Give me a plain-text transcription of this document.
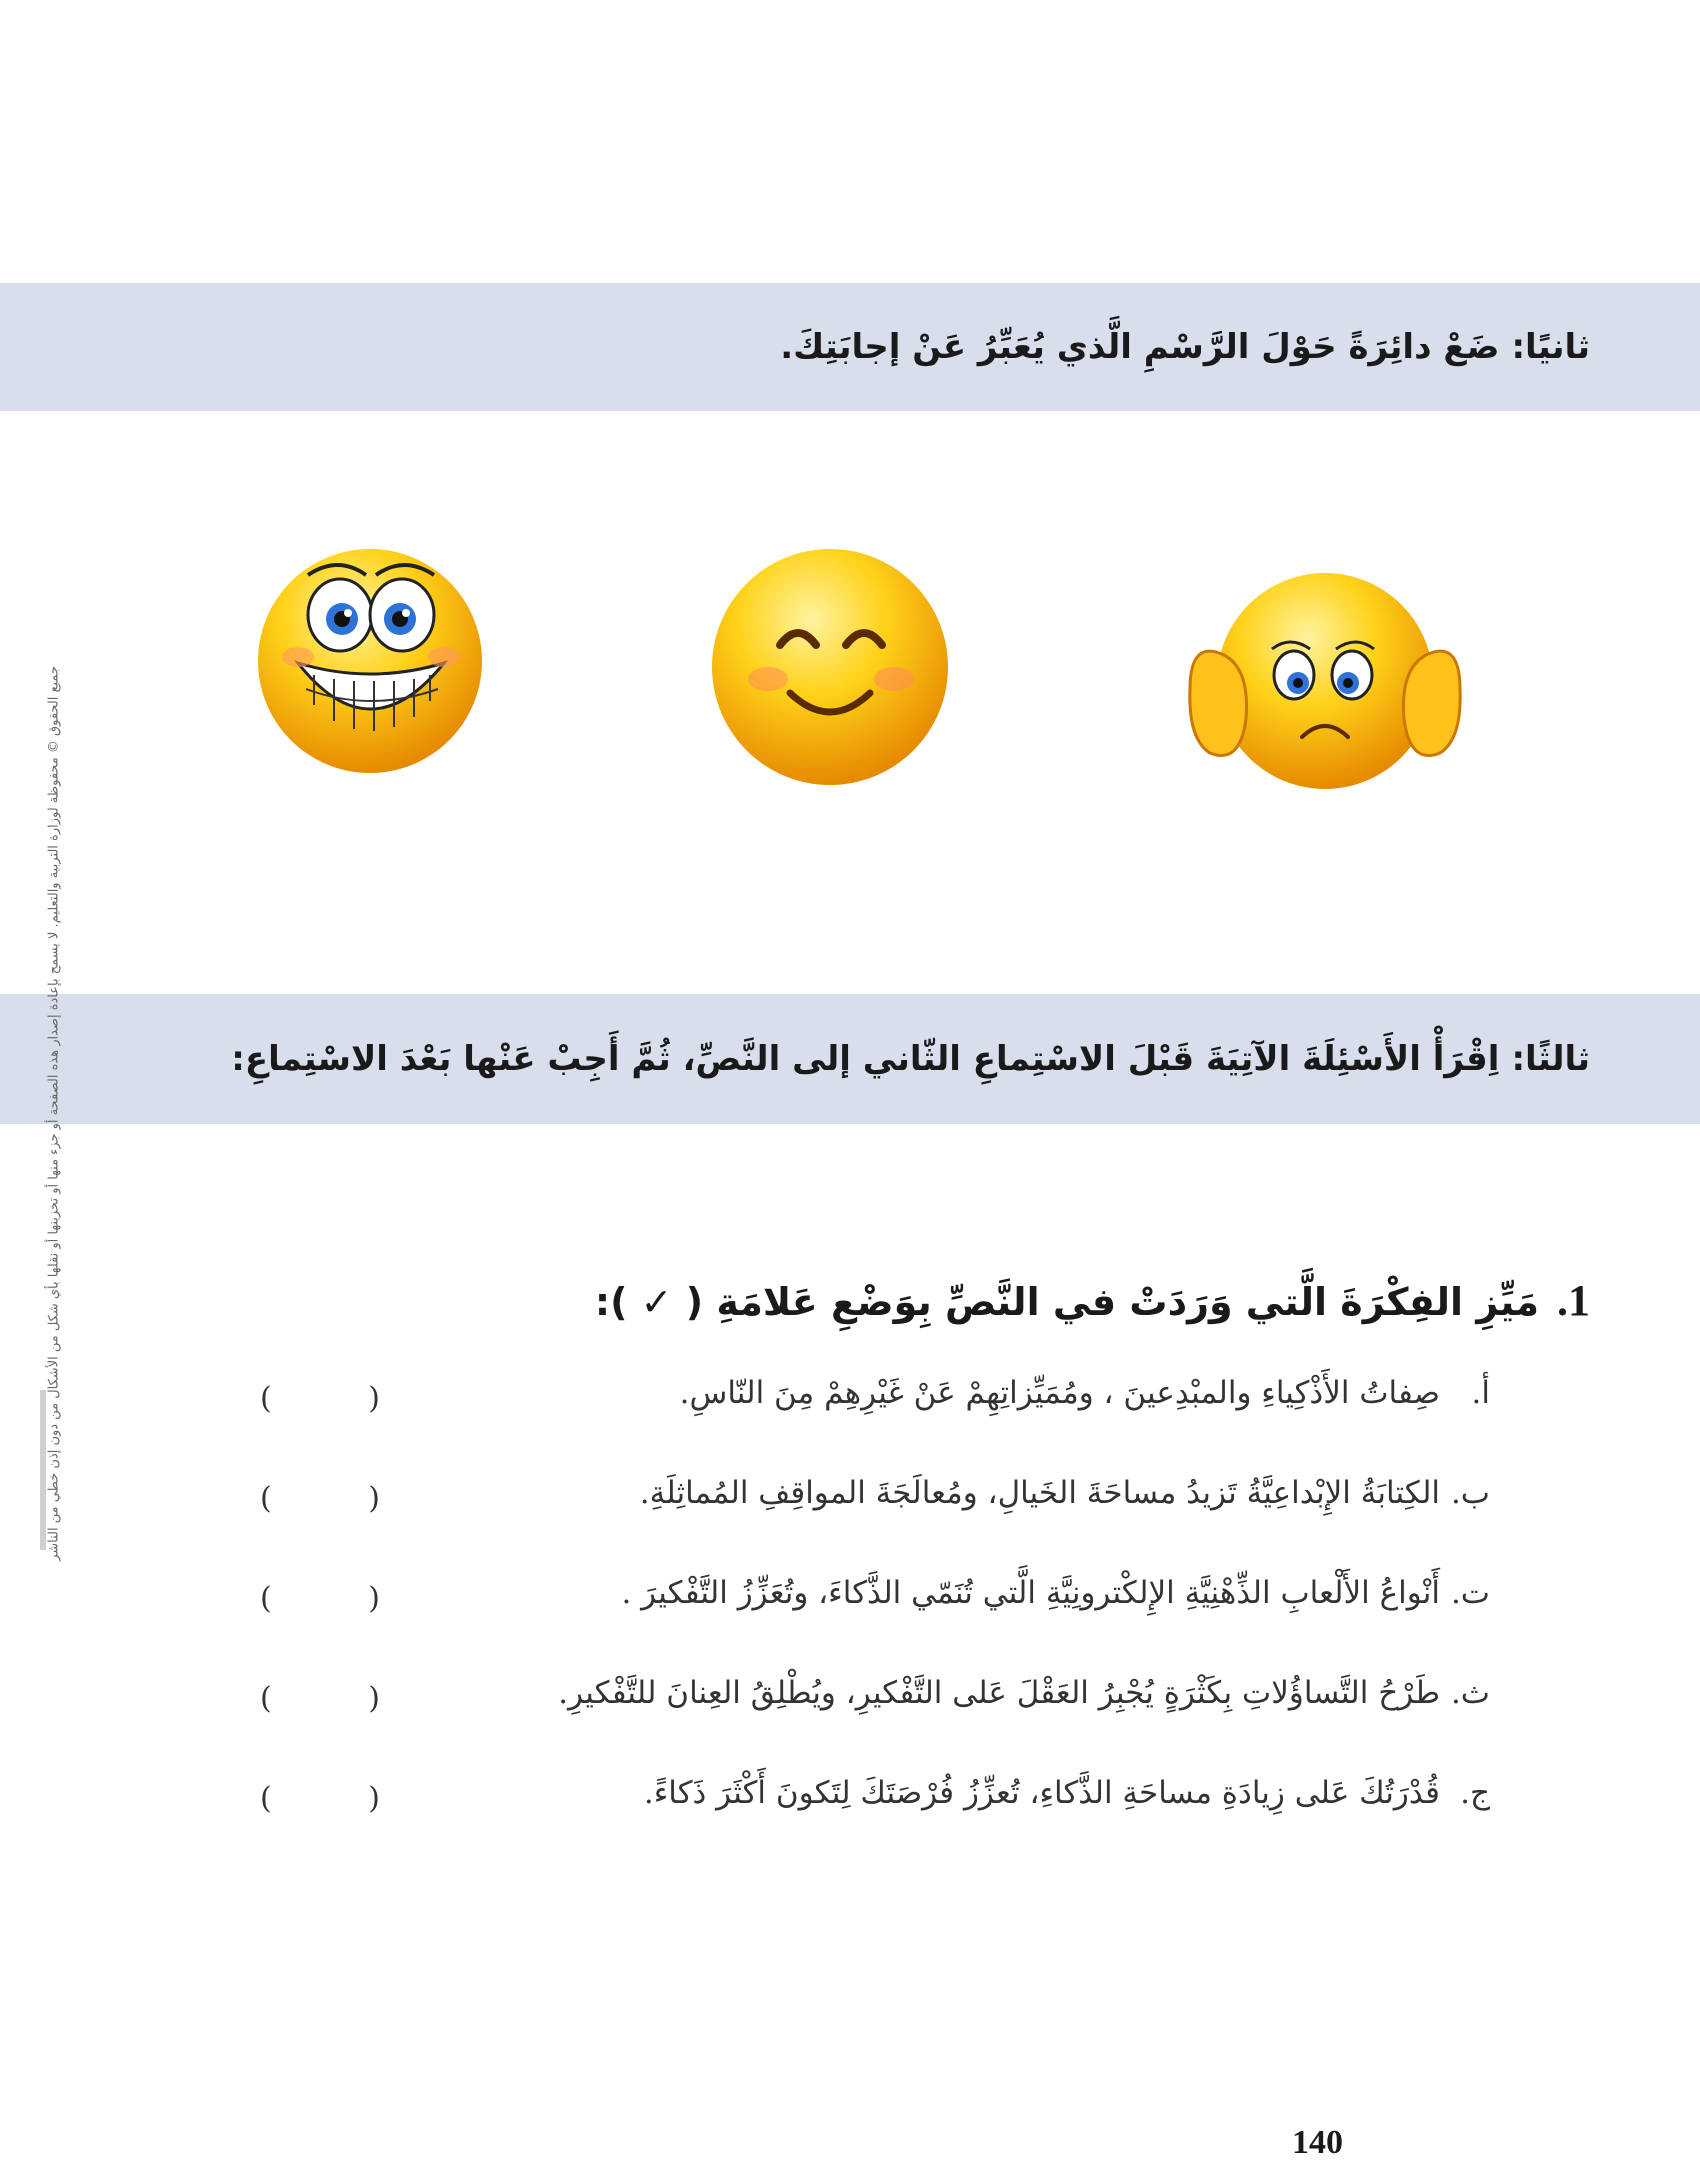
ثانيًا:
ضَعْ دائِرَةً حَوْلَ الرَّسْمِ الَّذي يُعَبِّرُ عَنْ إجابَتِكَ.
ثالثًا:
اِقْرَأْ الأَسْئِلَةَ الآتِيَةَ قَبْلَ الاسْتِماعِ الثّاني إلى النَّصِّ، ثُمَّ أَجِبْ عَنْها بَعْدَ الاسْتِماعِ:
1.
مَيِّزِ الفِكْرَةَ الَّتي وَرَدَتْ في النَّصِّ بِوَضْعِ عَلامَةِ ( ✓ ):
أ.
صِفاتُ الأَذْكِياءِ والمبْدِعينَ ، ومُمَيِّزاتِهِمْ عَنْ غَيْرِهِمْ مِنَ النّاسِ.
(	)
ب.
الكِتابَةُ الإِبْداعِيَّةُ تَزيدُ مساحَةَ الخَيالِ، ومُعالَجَةَ المواقِفِ المُماثِلَةِ.
(	)
ت.
أَنْواعُ الأَلْعابِ الذِّهْنِيَّةِ الإِلكْترونِيَّةِ الَّتي تُنَمّي الذَّكاءَ، وتُعَزِّزُ التَّفْكيرَ .
(	)
ث.
طَرْحُ التَّساؤُلاتِ بِكَثْرَةٍ يُجْبِرُ العَقْلَ عَلى التَّفْكيرِ، ويُطْلِقُ العِنانَ للتَّفْكيرِ.
(	)
ج.
قُدْرَتُكَ عَلى زِيادَةِ مساحَةِ الذَّكاءِ، تُعزِّزُ فُرْصَتَكَ لِتَكونَ أَكْثَرَ ذَكاءً.
(	)
جميع الحقوق © محفوظة لوزارة التربية والتعليم. لا يسمح بإعادة إصدار هذه الصفحة أو جزء منها أو تخزينها أو نقلها بأي شكل من الأشكال من دون إذن خطي من الناشر
140
